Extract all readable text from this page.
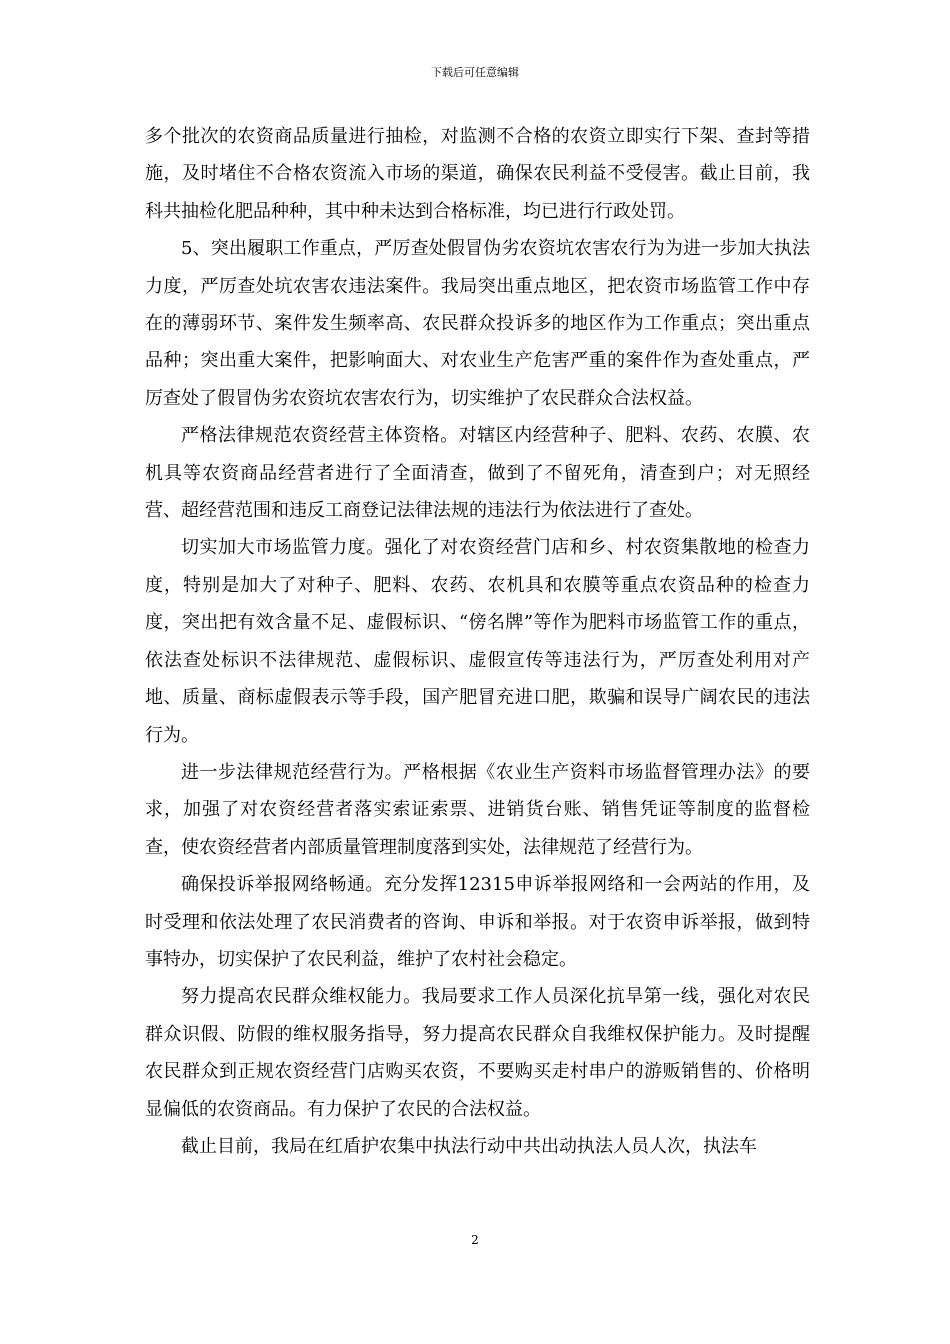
下载后可任意编辑

多个批次的农资商品质量进行抽检，对监测不合格的农资立即实行下架、查封等措施，及时堵住不合格农资流入市场的渠道，确保农民利益不受侵害。截止目前，我科共抽检化肥品种种，其中种未达到合格标准，均已进行行政处罚。

5、突出履职工作重点，严厉查处假冒伪劣农资坑农害农行为为进一步加大执法力度，严厉查处坑农害农违法案件。我局突出重点地区，把农资市场监管工作中存在的薄弱环节、案件发生频率高、农民群众投诉多的地区作为工作重点；突出重点品种；突出重大案件，把影响面大、对农业生产危害严重的案件作为查处重点，严厉查处了假冒伪劣农资坑农害农行为，切实维护了农民群众合法权益。

严格法律规范农资经营主体资格。对辖区内经营种子、肥料、农药、农膜、农机具等农资商品经营者进行了全面清查，做到了不留死角，清查到户；对无照经营、超经营范围和违反工商登记法律法规的违法行为依法进行了查处。

切实加大市场监管力度。强化了对农资经营门店和乡、村农资集散地的检查力度，特别是加大了对种子、肥料、农药、农机具和农膜等重点农资品种的检查力度，突出把有效含量不足、虚假标识、“傍名牌”等作为肥料市场监管工作的重点，依法查处标识不法律规范、虚假标识、虚假宣传等违法行为，严厉查处利用对产地、质量、商标虚假表示等手段，国产肥冒充进口肥，欺骗和误导广阔农民的违法行为。

进一步法律规范经营行为。严格根据《农业生产资料市场监督管理办法》的要求，加强了对农资经营者落实索证索票、进销货台账、销售凭证等制度的监督检查，使农资经营者内部质量管理制度落到实处，法律规范了经营行为。

确保投诉举报网络畅通。充分发挥12315申诉举报网络和一会两站的作用，及时受理和依法处理了农民消费者的咨询、申诉和举报。对于农资申诉举报，做到特事特办，切实保护了农民利益，维护了农村社会稳定。

努力提高农民群众维权能力。我局要求工作人员深化抗旱第一线，强化对农民群众识假、防假的维权服务指导，努力提高农民群众自我维权保护能力。及时提醒农民群众到正规农资经营门店购买农资，不要购买走村串户的游贩销售的、价格明显偏低的农资商品。有力保护了农民的合法权益。

截止目前，我局在红盾护农集中执法行动中共出动执法人员人次，执法车

2
